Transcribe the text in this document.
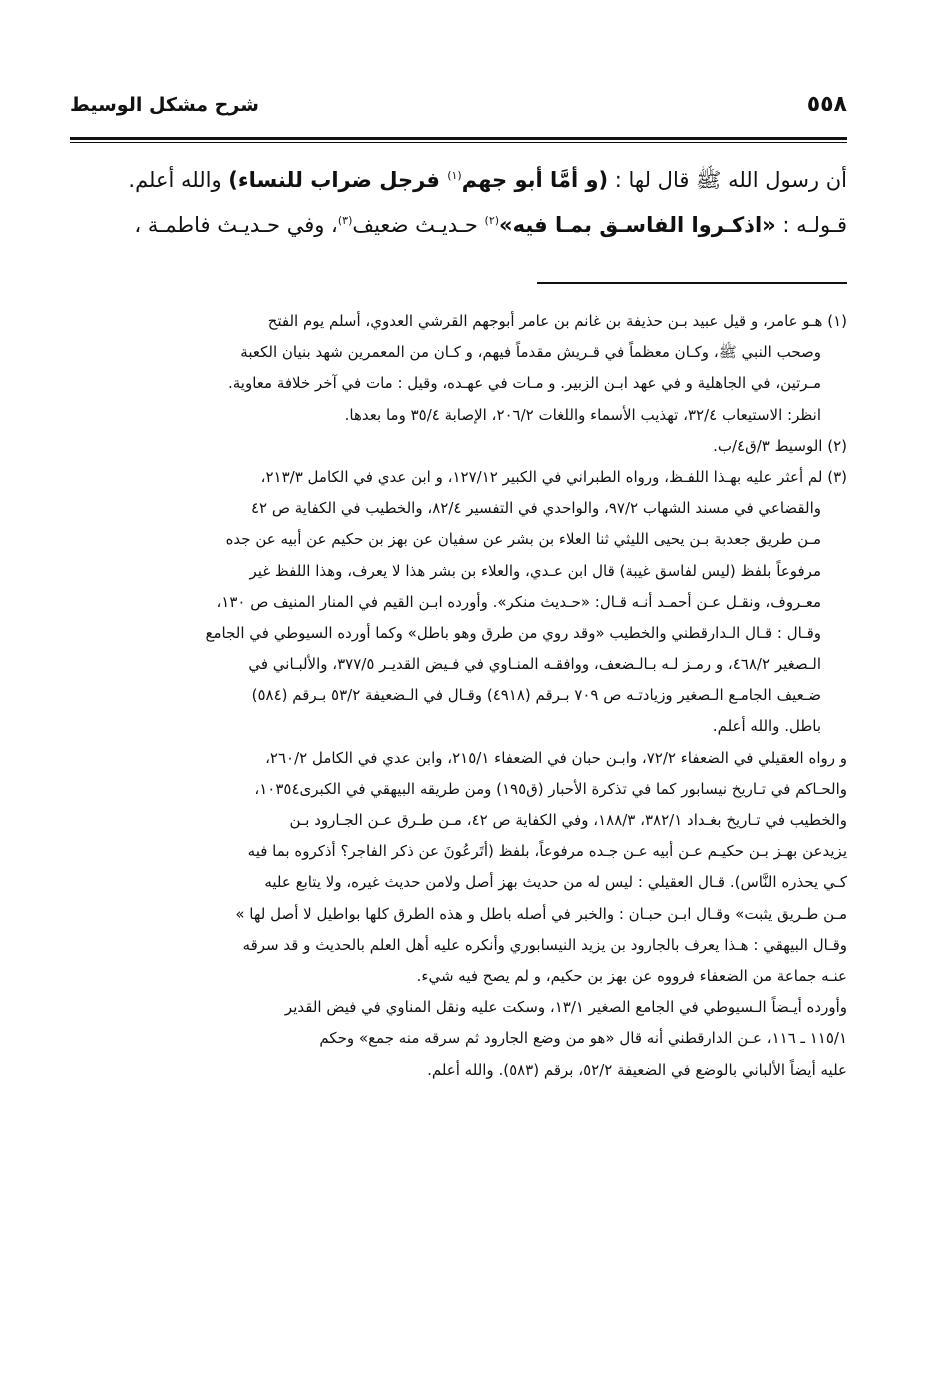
٥٥٨
شرح مشكل الوسيط
أن رسول الله ﷺ قال لها : (و أمَّا أبو جهم$^{(١)}$ فرجل ضراب للنساء) والله أعلم.
قـولـه : «اذكـروا الفاسـق بمـا فيه»$^{(٢)}$ حـديـث ضعيف$^{(٣)}$، وفي حـديـث فاطمـة ،
(١) هـو عامر، و قيل عبيد بـن حذيفة بن غانم بن عامر أبوجهم القرشي العدوي، أسلم يوم الفتح
وصحب النبي ﷺ، وكـان معظماً في قـريش مقدماً فيهم، و كـان من المعمرين شهد بنيان الكعبة
مـرتين، في الجاهلية و في عهد ابـن الزبير. و مـات في عهـده، وقيل : مات في آخر خلافة معاوية.
انظر: الاستيعاب ٣٢/٤، تهذيب الأسماء واللغات ٢٠٦/٢، الإصابة ٣٥/٤ وما بعدها.
(٢) الوسيط ٣/ق٤/ب.
(٣) لم أعثر عليه بهـذا اللفـظ، ورواه الطبراني في الكبير ١٢٧/١٢، و ابن عدي في الكامل ٢١٣/٣،
والقضاعي في مسند الشهاب ٩٧/٢، والواحدي في التفسير ٨٢/٤، والخطيب في الكفاية ص ٤٢
مـن طريق جعدبة بـن يحيى الليثي ثنا العلاء بن بشر عن سفيان عن بهز بن حكيم عن أبيه عن جده
مرفوعاً بلفظ (ليس لفاسق غيبة) قال ابن عـدي، والعلاء بن بشر هذا لا يعرف، وهذا اللفظ غير
معـروف، ونقـل عـن أحمـد أنـه قـال: «حـديث منكر». وأورده ابـن القيم في المنار المنيف ص ١٣٠،
وقـال : قـال الـدارقطني والخطيب «وقد روي من طرق وهو باطل» وكما أورده السيوطي في الجامع
الـصغير ٤٦٨/٢، و رمـز لـه بـالـضعف، ووافقـه المنـاوي في فـيض القديـر ٣٧٧/٥، والألبـاني في
ضـعيف الجامـع الـصغير وزيادتـه ص ٧٠٩ بـرقم (٤٩١٨) وقـال في الـضعيفة ٥٣/٢ بـرقم (٥٨٤)
باطل. والله أعلم.
و رواه العقيلي في الضعفاء ٧٢/٢، وابـن حبان في الضعفاء ٢١٥/١، وابن عدي في الكامل ٢٦٠/٢،
والحـاكم في تـاريخ نيسابور كما في تذكرة الأحبار (ق١٩٥) ومن طريقه البيهقي في الكبرى١٠٣٥٤،
والخطيب في تـاريخ بغـداد ٣٨٢/١، ١٨٨/٣، وفي الكفاية ص ٤٢، مـن طـرق عـن الجـارود بـن
يزيدعن بهـز بـن حكيـم عـن أبيه عـن جـده مرفوعاً، بلفظ (أتَرعُونَ عن ذكر الفاجر؟ أذكروه بما فيه
كـي يحذره النَّاس). قـال العقيلي : ليس له من حديث بهز أصل ولامن حديث غيره، ولا يتابع عليه
مـن طـريق يثبت» وقـال ابـن حبـان : والخبر في أصله باطل و هذه الطرق كلها بواطيل لا أصل لها »
وقـال البيهقي : هـذا يعرف بالجارود بن يزيد النيسابوري وأنكره عليه أهل العلم بالحديث و قد سرقه
عنـه جماعة من الضعفاء فرووه عن بهز بن حكيم، و لم يصح فيه شيء.
وأورده أيـضاً الـسيوطي في الجامع الصغير ١٣/١، وسكت عليه ونقل المناوي في فيض القدير
١١٥/١ ـ ١١٦، عـن الدارقطني أنه قال «هو من وضع الجارود ثم سرقه منه جمع» وحكم
عليه أيضاً الألباني بالوضع في الضعيفة ٥٢/٢، برقم (٥٨٣). والله أعلم.
